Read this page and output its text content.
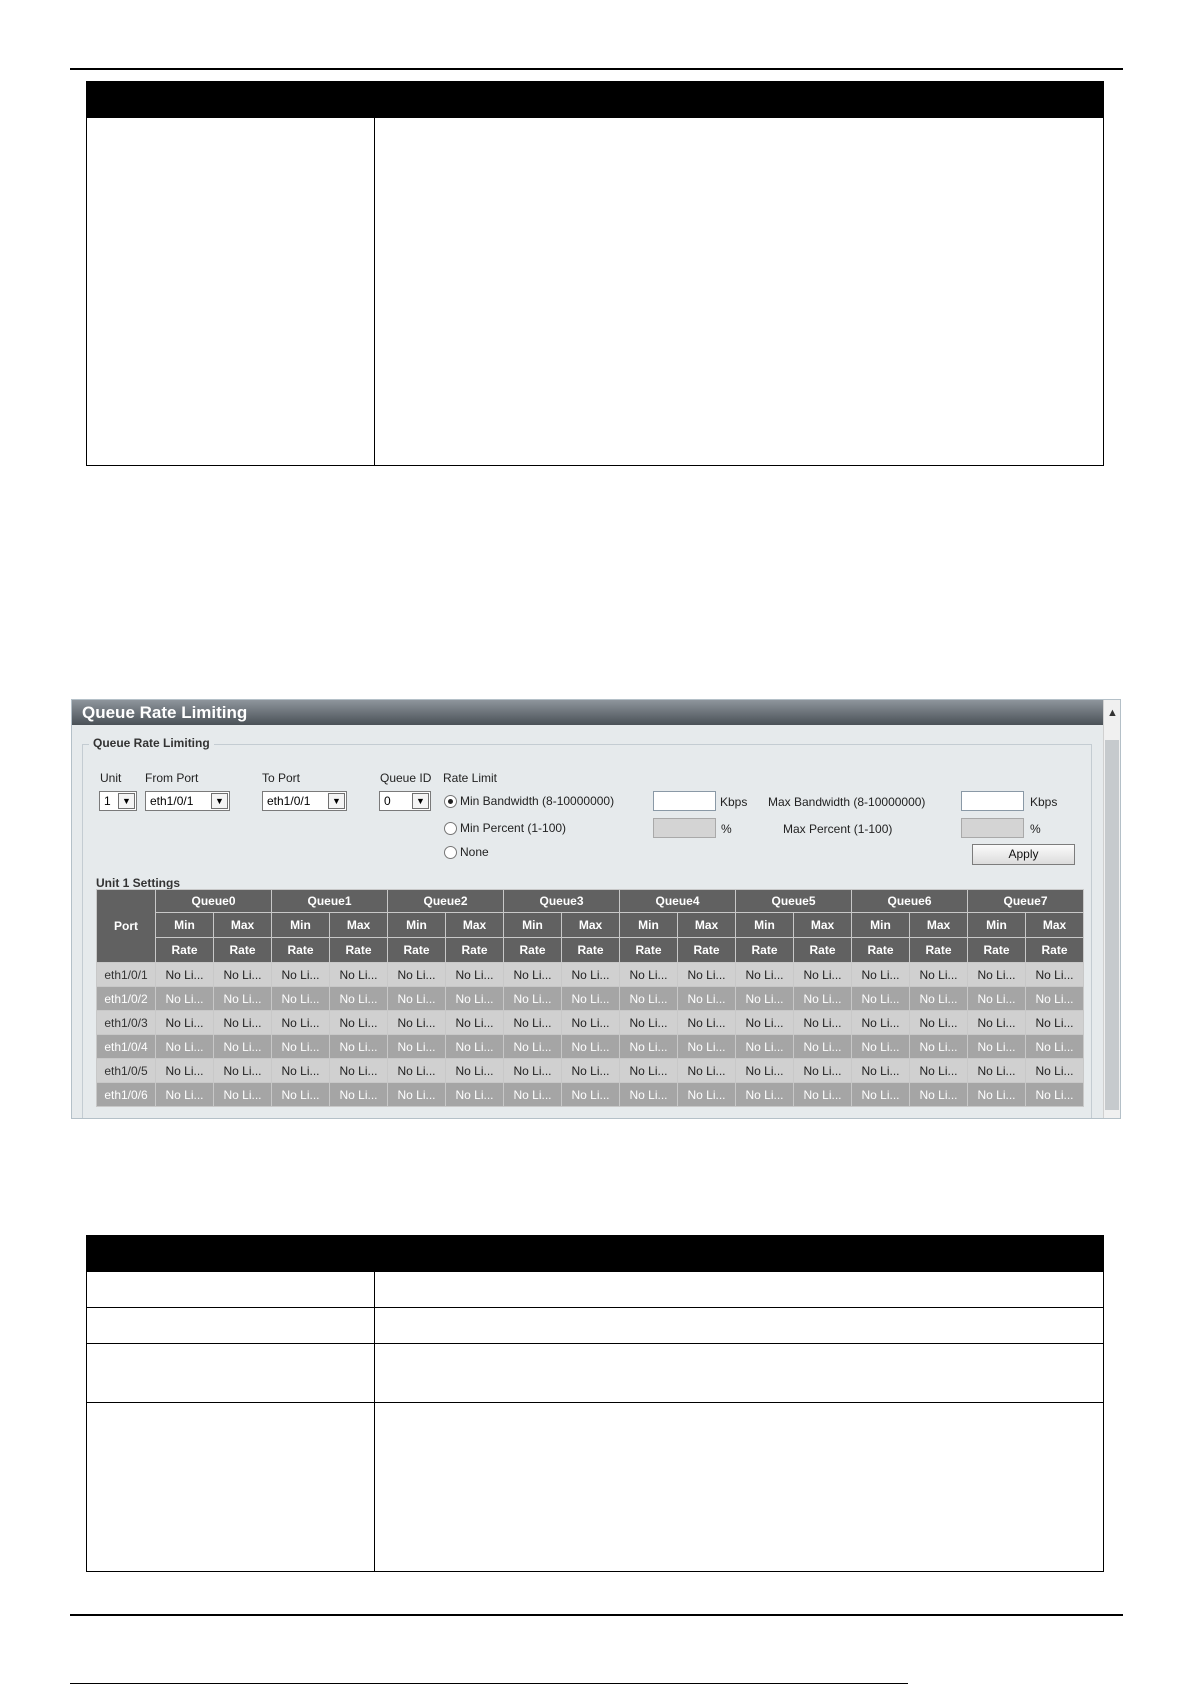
Queue Rate Limiting	▲
Queue Rate Limiting
Unit From Port	To Port	Queue ID Rate Limit
1	▼	eth1/0/1	▼	eth1/0/1	▼	0	▼	Min Bandwidth (8-10000000)
Min Percent (1-100)
None
Kbps
%
Max Bandwidth (8-10000000)
Max Percent (1-100)
Kbps
%
Apply
Unit 1 Settings
Port	Queue0		Queue1		Queue2		Queue3		Queue4		Queue5		Queue6		Queue7	
	Min	Max	Min	Max	Min	Max	Min	Max	Min	Max	Min	Max	Min	Max	Min	Max
	Rate	Rate	Rate	Rate	Rate	Rate	Rate	Rate	Rate	Rate	Rate	Rate	Rate	Rate	Rate	Rate
eth1/0/1	No Li...	No Li...	No Li...	No Li...	No Li...	No Li...	No Li...	No Li...	No Li...	No Li...	No Li...	No Li...	No Li...	No Li...	No Li...	No Li...
eth1/0/2	No Li...	No Li...	No Li...	No Li...	No Li...	No Li...	No Li...	No Li...	No Li...	No Li...	No Li...	No Li...	No Li...	No Li...	No Li...	No Li...
eth1/0/3	No Li...	No Li...	No Li...	No Li...	No Li...	No Li...	No Li...	No Li...	No Li...	No Li...	No Li...	No Li...	No Li...	No Li...	No Li...	No Li...
eth1/0/4	No Li...	No Li...	No Li...	No Li...	No Li...	No Li...	No Li...	No Li...	No Li...	No Li...	No Li...	No Li...	No Li...	No Li...	No Li...	No Li...
eth1/0/5	No Li...	No Li...	No Li...	No Li...	No Li...	No Li...	No Li...	No Li...	No Li...	No Li...	No Li...	No Li...	No Li...	No Li...	No Li...	No Li...
eth1/0/6	No Li...	No Li...	No Li...	No Li...	No Li...	No Li...	No Li...	No Li...	No Li...	No Li...	No Li...	No Li...	No Li...	No Li...	No Li...	No Li...
